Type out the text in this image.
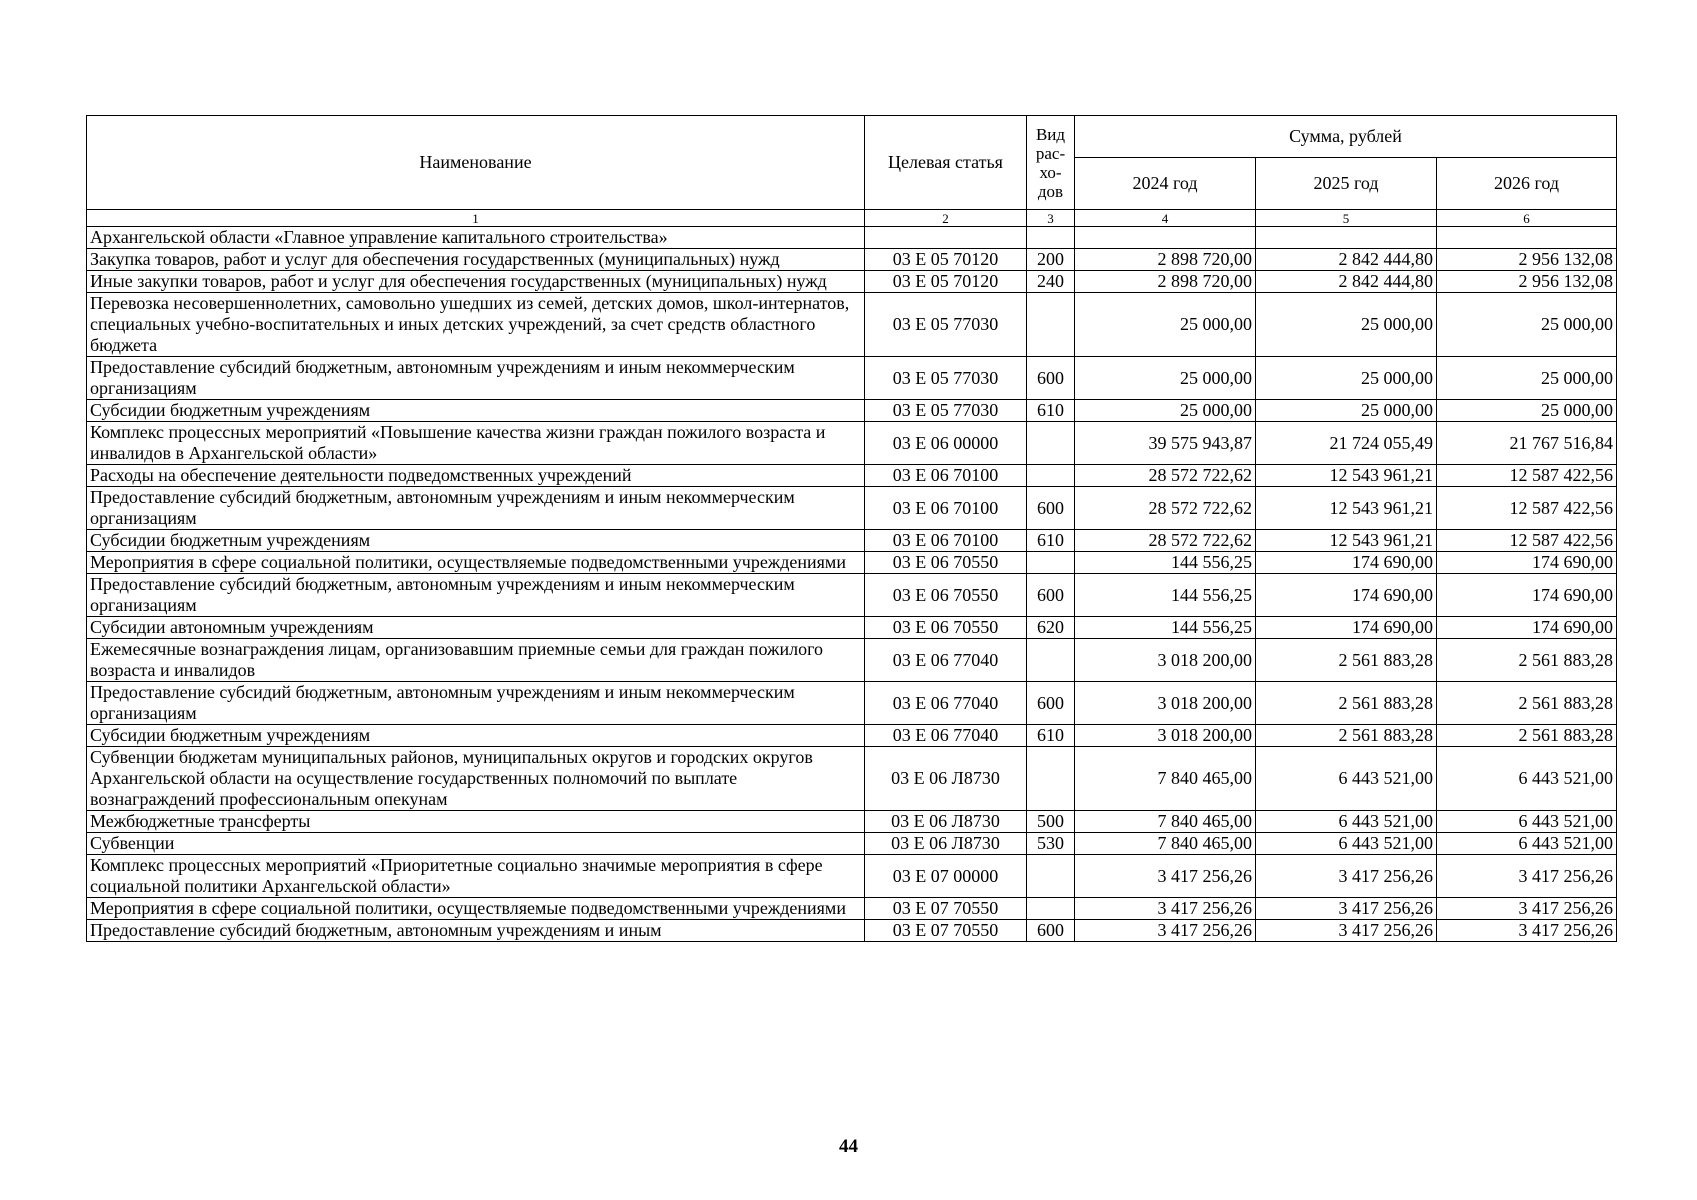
Наименование	Целевая статья	Вид рас-хо-дов	Сумма, рублей		
			2024 год	2025 год	2026 год
1	2	3	4	5	6
Архангельской области «Главное управление капитального строительства»					
Закупка товаров, работ и услуг для обеспечения государственных (муниципальных) нужд	03 Е 05 70120	200	2 898 720,00	2 842 444,80	2 956 132,08
Иные закупки товаров, работ и услуг для обеспечения государственных (муниципальных) нужд	03 Е 05 70120	240	2 898 720,00	2 842 444,80	2 956 132,08
Перевозка несовершеннолетних, самовольно ушедших из семей, детских домов, школ-интернатов, специальных учебно-воспитательных и иных детских учреждений, за счет средств областного бюджета	03 Е 05 77030		25 000,00	25 000,00	25 000,00
Предоставление субсидий бюджетным, автономным учреждениям и иным некоммерческим организациям	03 Е 05 77030	600	25 000,00	25 000,00	25 000,00
Субсидии бюджетным учреждениям	03 Е 05 77030	610	25 000,00	25 000,00	25 000,00
Комплекс процессных мероприятий «Повышение качества жизни граждан пожилого возраста и инвалидов в Архангельской области»	03 Е 06 00000		39 575 943,87	21 724 055,49	21 767 516,84
Расходы на обеспечение деятельности подведомственных учреждений	03 Е 06 70100		28 572 722,62	12 543 961,21	12 587 422,56
Предоставление субсидий бюджетным, автономным учреждениям и иным некоммерческим организациям	03 Е 06 70100	600	28 572 722,62	12 543 961,21	12 587 422,56
Субсидии бюджетным учреждениям	03 Е 06 70100	610	28 572 722,62	12 543 961,21	12 587 422,56
Мероприятия в сфере социальной политики, осуществляемые подведомственными учреждениями	03 Е 06 70550		144 556,25	174 690,00	174 690,00
Предоставление субсидий бюджетным, автономным учреждениям и иным некоммерческим организациям	03 Е 06 70550	600	144 556,25	174 690,00	174 690,00
Субсидии автономным учреждениям	03 Е 06 70550	620	144 556,25	174 690,00	174 690,00
Ежемесячные вознаграждения лицам, организовавшим приемные семьи для граждан пожилого возраста и инвалидов	03 Е 06 77040		3 018 200,00	2 561 883,28	2 561 883,28
Предоставление субсидий бюджетным, автономным учреждениям и иным некоммерческим организациям	03 Е 06 77040	600	3 018 200,00	2 561 883,28	2 561 883,28
Субсидии бюджетным учреждениям	03 Е 06 77040	610	3 018 200,00	2 561 883,28	2 561 883,28
Субвенции бюджетам муниципальных районов, муниципальных округов и городских округов Архангельской области на осуществление государственных полномочий по выплате вознаграждений профессиональным опекунам	03 Е 06 Л8730		7 840 465,00	6 443 521,00	6 443 521,00
Межбюджетные трансферты	03 Е 06 Л8730	500	7 840 465,00	6 443 521,00	6 443 521,00
Субвенции	03 Е 06 Л8730	530	7 840 465,00	6 443 521,00	6 443 521,00
Комплекс процессных мероприятий «Приоритетные социально значимые мероприятия в сфере социальной политики Архангельской области»	03 Е 07 00000		3 417 256,26	3 417 256,26	3 417 256,26
Мероприятия в сфере социальной политики, осуществляемые подведомственными учреждениями	03 Е 07 70550		3 417 256,26	3 417 256,26	3 417 256,26
Предоставление субсидий бюджетным, автономным учреждениям и иным	03 Е 07 70550	600	3 417 256,26	3 417 256,26	3 417 256,26
44
